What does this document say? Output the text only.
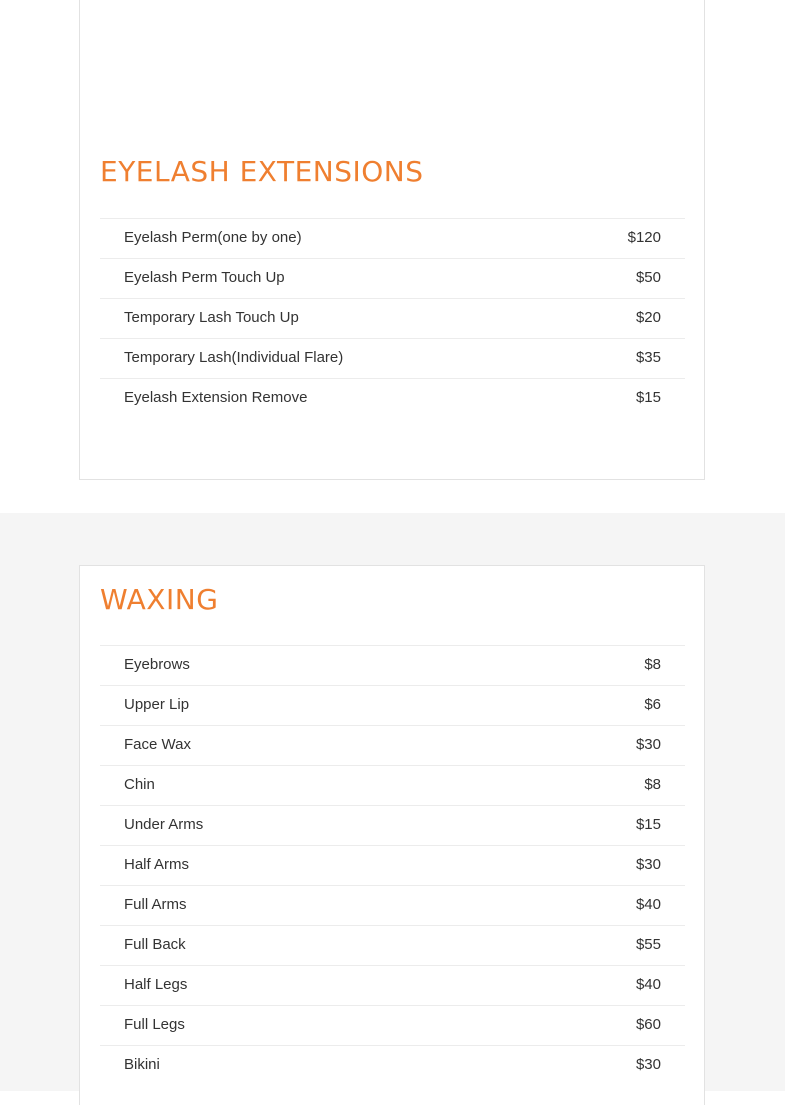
EYELASH EXTENSIONS
Eyelash Perm(one by one)	$120
Eyelash Perm Touch Up	$50
Temporary Lash Touch Up	$20
Temporary Lash(Individual Flare)	$35
Eyelash Extension Remove	$15
WAXING
Eyebrows	$8
Upper Lip	$6
Face Wax	$30
Chin	$8
Under Arms	$15
Half Arms	$30
Full Arms	$40
Full Back	$55
Half Legs	$40
Full Legs	$60
Bikini	$30
